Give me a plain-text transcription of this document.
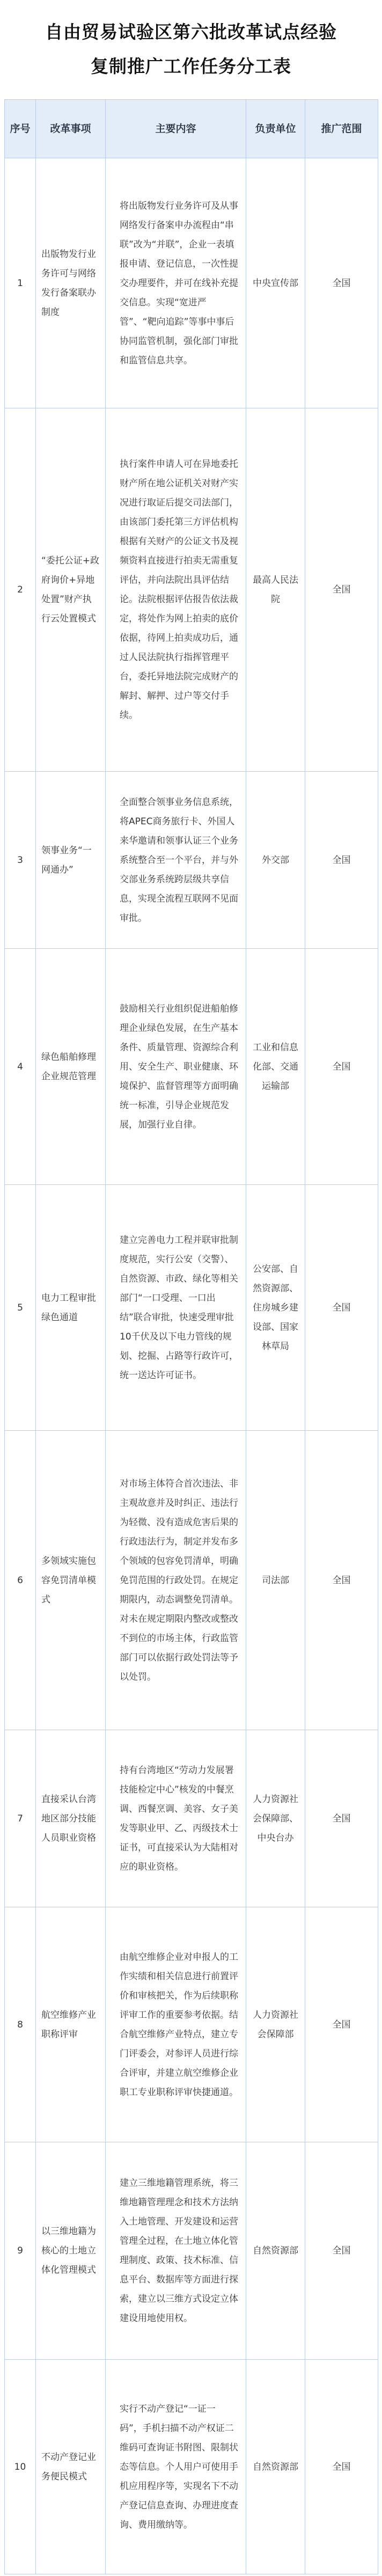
自由贸易试验区第六批改革试点经验
复制推广工作任务分工表
序号	改革事项	主要内容	负责单位	推广范围
1	出版物发行业务许可与网络发行备案联办制度	将出版物发行业务许可及从事网络发行备案申办流程由“串联”改为“并联”，企业一表填报申请、登记信息，一次性提交办理要件，并可在线补充提交信息。实现“宽进严管”、“靶向追踪”等事中事后协同监管机制，强化部门审批和监管信息共享。	中央宣传部	全国
2	“委托公证+政府询价+异地处置”财产执行云处置模式	执行案件申请人可在异地委托财产所在地公证机关对财产实况进行取证后提交司法部门，由该部门委托第三方评估机构根据有关财产的公证文书及视频资料直接进行拍卖无需重复评估，并向法院出具评估结论。法院根据评估报告依法裁定，将处作为网上拍卖的底价依据，待网上拍卖成功后，通过人民法院执行指挥管理平台，委托异地法院完成财产的解封、解押、过户等交付手续。	最高人民法院	全国
3	领事业务“一网通办”	全面整合领事业务信息系统，将APEC商务旅行卡、外国人来华邀请和领事认证三个业务系统整合至一个平台，并与外交部业务系统跨层级共享信息，实现全流程互联网不见面审批。	外交部	全国
4	绿色船舶修理企业规范管理	鼓励相关行业组织促进船舶修理企业绿色发展，在生产基本条件、质量管理、资源综合利用、安全生产、职业健康、环境保护、监督管理等方面明确统一标准，引导企业规范发展，加强行业自律。	工业和信息化部、交通运输部	全国
5	电力工程审批绿色通道	建立完善电力工程并联审批制度规范，实行公安（交警）、自然资源、市政、绿化等相关部门“一口受理、一口出结”联合审批，快速受理审批10千伏及以下电力管线的规划、挖掘、占路等行政许可，统一送达许可证书。	公安部、自然资源部、住房城乡建设部、国家林草局	全国
6	多领域实施包容免罚清单模式	对市场主体符合首次违法、非主观故意并及时纠正、违法行为轻微、没有造成危害后果的行政违法行为，制定并发布多个领域的包容免罚清单，明确免罚范围的行政处罚。在规定期限内，动态调整免罚清单。对未在规定期限内整改或整改不到位的市场主体，行政监管部门可以依据行政处罚法等予以处罚。	司法部	全国
7	直接采认台湾地区部分技能人员职业资格	持有台湾地区“劳动力发展署技能检定中心”核发的中餐烹调、西餐烹调、美容、女子美发等职业甲、乙、丙级技术士证书，可直接采认为大陆相对应的职业资格。	人力资源社会保障部、中央台办	全国
8	航空维修产业职称评审	由航空维修企业对申报人的工作实绩和相关信息进行前置评价和审核把关，作为后续职称评审工作的重要参考依据。结合航空维修产业特点，建立专门评委会，对参评人员进行综合评审，并建立航空维修企业职工专业职称评审快捷通道。	人力资源社会保障部	全国
9	以三维地籍为核心的土地立体化管理模式	建立三维地籍管理系统，将三维地籍管理理念和技术方法纳入土地管理、开发建设和运营管理全过程，在土地立体化管理制度、政策、技术标准、信息平台、数据库等方面进行探索，建立以三维方式设定立体建设用地使用权。	自然资源部	全国
10	不动产登记业务便民模式	实行不动产登记“一证一码”，手机扫描不动产权证二维码可查询证书附图、限制状态等信息。个人用户可使用手机应用程序等，实现名下不动产登记信息查询、办理进度查询、费用缴纳等。	自然资源部	全国
